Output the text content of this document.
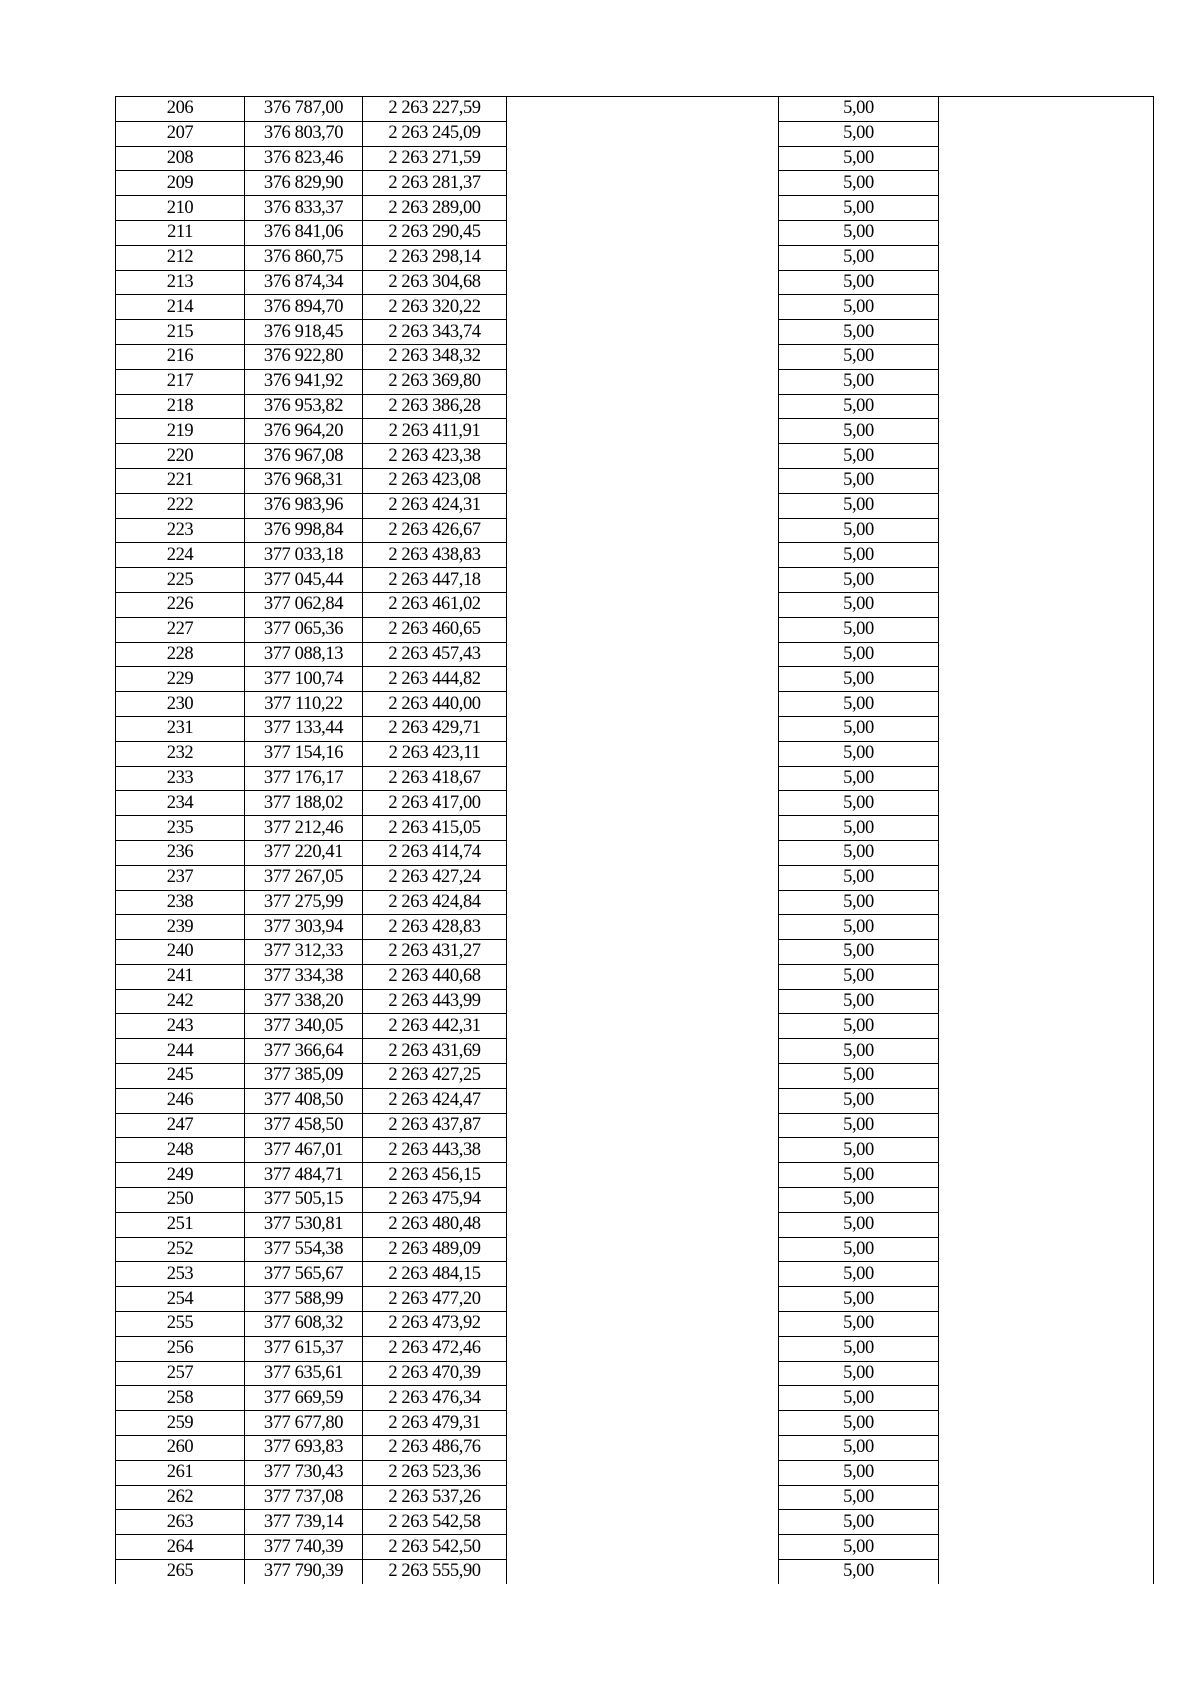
206	376 787,00	2 263 227,59		5,00	
207	376 803,70	2 263 245,09		5,00	
208	376 823,46	2 263 271,59		5,00	
209	376 829,90	2 263 281,37		5,00	
210	376 833,37	2 263 289,00		5,00	
211	376 841,06	2 263 290,45		5,00	
212	376 860,75	2 263 298,14		5,00	
213	376 874,34	2 263 304,68		5,00	
214	376 894,70	2 263 320,22		5,00	
215	376 918,45	2 263 343,74		5,00	
216	376 922,80	2 263 348,32		5,00	
217	376 941,92	2 263 369,80		5,00	
218	376 953,82	2 263 386,28		5,00	
219	376 964,20	2 263 411,91		5,00	
220	376 967,08	2 263 423,38		5,00	
221	376 968,31	2 263 423,08		5,00	
222	376 983,96	2 263 424,31		5,00	
223	376 998,84	2 263 426,67		5,00	
224	377 033,18	2 263 438,83		5,00	
225	377 045,44	2 263 447,18		5,00	
226	377 062,84	2 263 461,02		5,00	
227	377 065,36	2 263 460,65		5,00	
228	377 088,13	2 263 457,43		5,00	
229	377 100,74	2 263 444,82		5,00	
230	377 110,22	2 263 440,00		5,00	
231	377 133,44	2 263 429,71		5,00	
232	377 154,16	2 263 423,11		5,00	
233	377 176,17	2 263 418,67		5,00	
234	377 188,02	2 263 417,00		5,00	
235	377 212,46	2 263 415,05		5,00	
236	377 220,41	2 263 414,74		5,00	
237	377 267,05	2 263 427,24		5,00	
238	377 275,99	2 263 424,84		5,00	
239	377 303,94	2 263 428,83		5,00	
240	377 312,33	2 263 431,27		5,00	
241	377 334,38	2 263 440,68		5,00	
242	377 338,20	2 263 443,99		5,00	
243	377 340,05	2 263 442,31		5,00	
244	377 366,64	2 263 431,69		5,00	
245	377 385,09	2 263 427,25		5,00	
246	377 408,50	2 263 424,47		5,00	
247	377 458,50	2 263 437,87		5,00	
248	377 467,01	2 263 443,38		5,00	
249	377 484,71	2 263 456,15		5,00	
250	377 505,15	2 263 475,94		5,00	
251	377 530,81	2 263 480,48		5,00	
252	377 554,38	2 263 489,09		5,00	
253	377 565,67	2 263 484,15		5,00	
254	377 588,99	2 263 477,20		5,00	
255	377 608,32	2 263 473,92		5,00	
256	377 615,37	2 263 472,46		5,00	
257	377 635,61	2 263 470,39		5,00	
258	377 669,59	2 263 476,34		5,00	
259	377 677,80	2 263 479,31		5,00	
260	377 693,83	2 263 486,76		5,00	
261	377 730,43	2 263 523,36		5,00	
262	377 737,08	2 263 537,26		5,00	
263	377 739,14	2 263 542,58		5,00	
264	377 740,39	2 263 542,50		5,00	
265	377 790,39	2 263 555,90		5,00	
